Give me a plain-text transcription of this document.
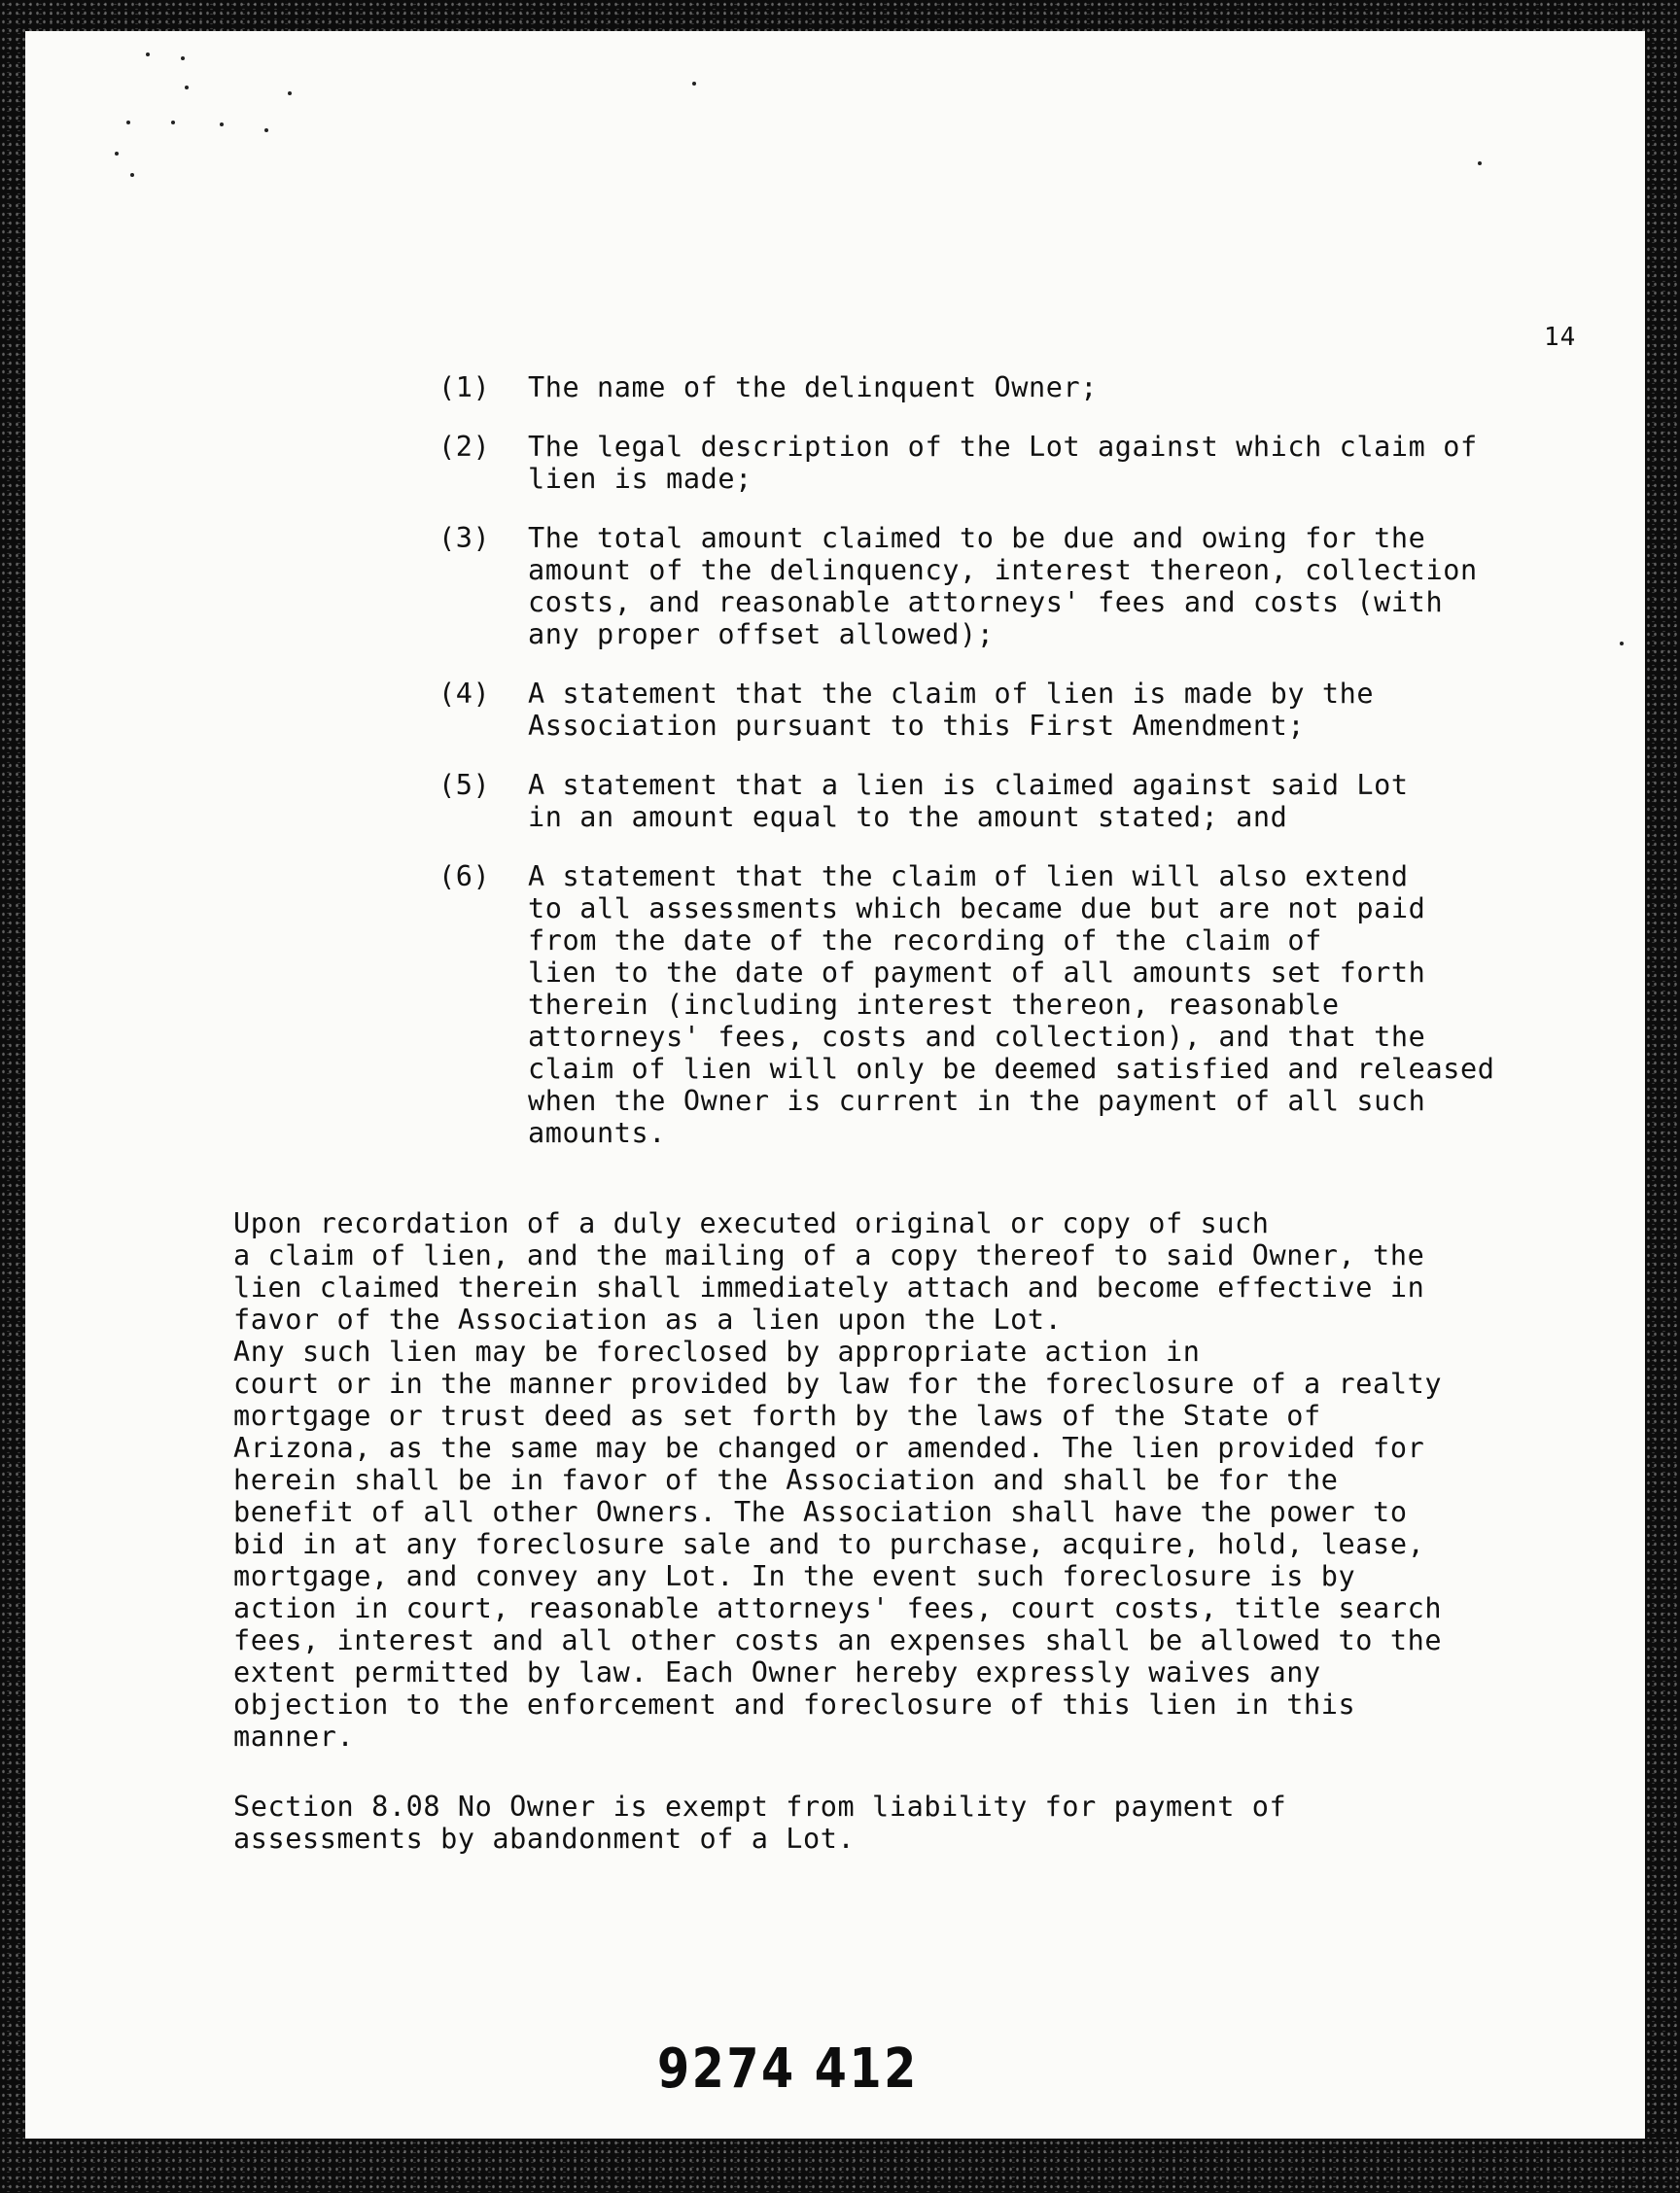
14
(1)	The name of the delinquent Owner;
(2)	The legal description of the Lot against which claim of
lien is made;
(3)	The total amount claimed to be due and owing for the
amount of the delinquency, interest thereon, collection
costs, and reasonable attorneys' fees and costs (with
any proper offset allowed);
(4)	A statement that the claim of lien is made by the
Association pursuant to this First Amendment;
(5)	A statement that a lien is claimed against said Lot
in an amount equal to the amount stated; and
(6)	A statement that the claim of lien will also extend
to all assessments which became due but are not paid
from the date of the recording of the claim of
lien to the date of payment of all amounts set forth
therein (including interest thereon, reasonable
attorneys' fees, costs and collection), and that the
claim of lien will only be deemed satisfied and released
when the Owner is current in the payment of all such
amounts.
Upon recordation of a duly executed original or copy of such
a claim of lien, and the mailing of a copy thereof to said Owner, the
lien claimed therein shall immediately attach and become effective in
favor of the Association as a lien upon the Lot.
Any such lien may be foreclosed by appropriate action in
court or in the manner provided by law for the foreclosure of a realty
mortgage or trust deed as set forth by the laws of the State of
Arizona, as the same may be changed or amended. The lien provided for
herein shall be in favor of the Association and shall be for the
benefit of all other Owners. The Association shall have the power to
bid in at any foreclosure sale and to purchase, acquire, hold, lease,
mortgage, and convey any Lot. In the event such foreclosure is by
action in court, reasonable attorneys' fees, court costs, title search
fees, interest and all other costs an expenses shall be allowed to the
extent permitted by law. Each Owner hereby expressly waives any
objection to the enforcement and foreclosure of this lien in this
manner.
Section 8.08 No Owner is exempt from liability for payment of
assessments by abandonment of a Lot.
9274 412
